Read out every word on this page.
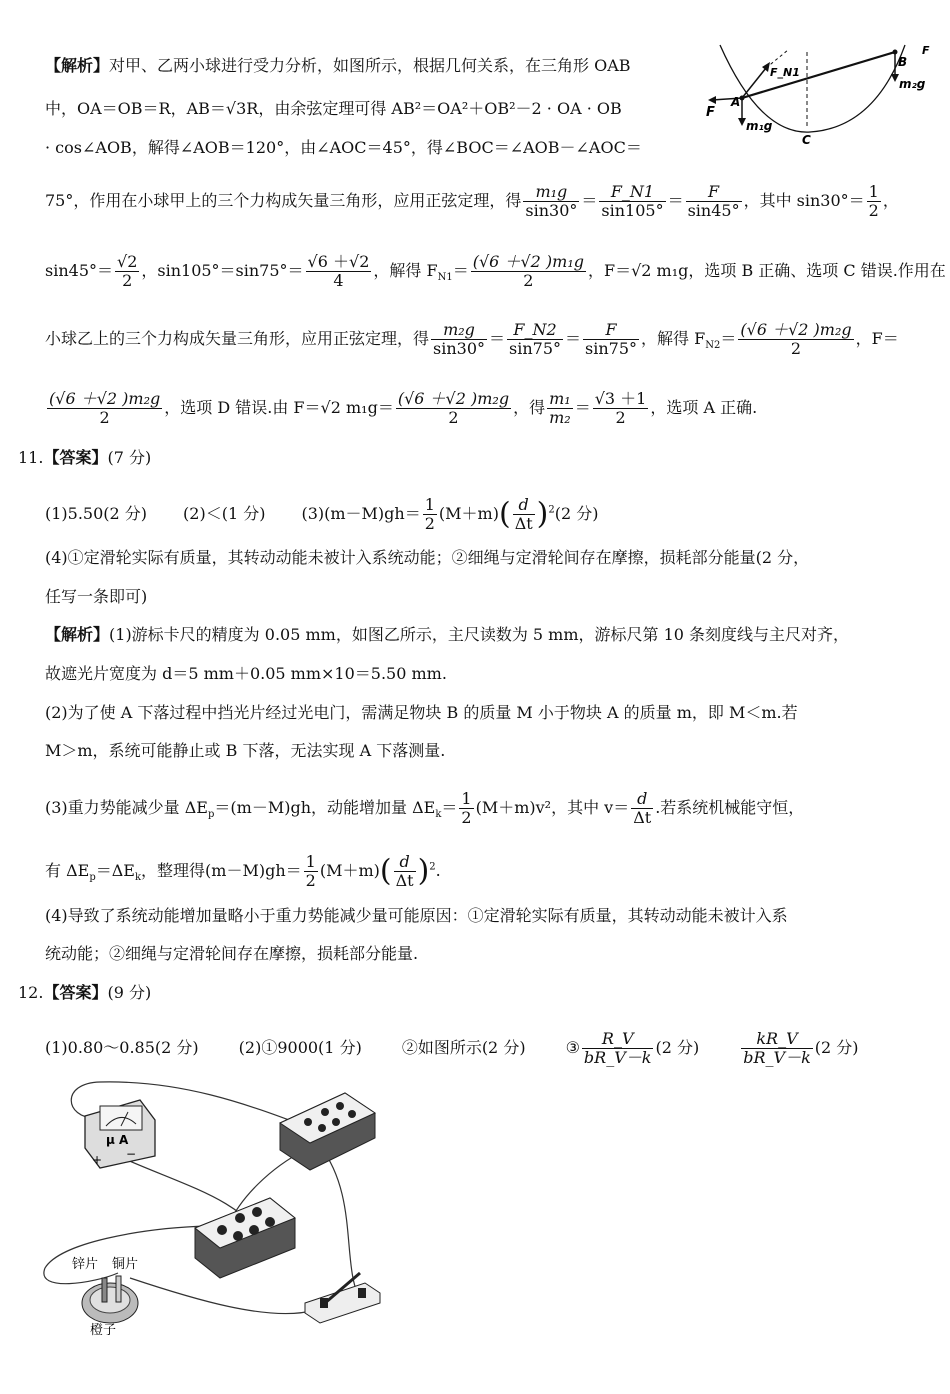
F
A
F_N1
m₁g
C
B
F
m₂g
【解析】对甲、乙两小球进行受力分析，如图所示，根据几何关系，在三角形 OAB
中，OA＝OB＝R，AB＝√3R，由余弦定理可得 AB²＝OA²＋OB²－2 · OA · OB
· cos∠AOB，解得∠AOB＝120°，由∠AOC＝45°，得∠BOC＝∠AOB－∠AOC＝
75°，作用在小球甲上的三个力构成矢量三角形，应用正弦定理，得 $\frac{\text{m₁g}}{\sin 30^\circ} = \frac{F\_N1}{\sin 105^\circ} = \frac{F}{\sin 45^\circ}$ ，其中 $\sin 30^\circ= \frac{1}{2}$ ，
$\sin 45^\circ= \frac{√2}{2}$ ，$\sin 105^\circ=\sin 75^\circ= \frac{√6 +√2}{4}$ ，解得 $F_{N1}= \frac{\text{(√6 ＋√2 )m₁g}}{2}$ ，F＝√2 m₁g，选项 B 正确、选项 C 错误.作用在
小球乙上的三个力构成矢量三角形，应用正弦定理，得 $\frac{\text{m₂g}}{\sin 30^\circ} = \frac{F\_N2}{\sin 75^\circ} = \frac{F}{\sin 75^\circ}$ ，解得 $F_{N2}= \frac{\text{(√6 ＋√2 )m₂g}}{2}$ ，F＝
$\frac{\text{(√6 ＋√2 )m₂g}}{2}$ ，选项 D 错误.由 F＝√2 $m_1g= \frac{\text{(√6 ＋√2 )m₂g}}{2}$ ，得 $\frac{\text{m₁}}{\text{m₂}} = \frac{√3 +1}{2}$ ，选项 A 正确.
11.【答案】(7 分)
(1)5.50(2 分) (2)＜(1 分) $(3)(m-M)gh= \frac{1}{2} (M+m)( \frac{d}{\Delta t} )^2(2$ 分)
(4)①定滑轮实际有质量，其转动动能未被计入系统动能；②细绳与定滑轮间存在摩擦，损耗部分能量(2 分，
任写一条即可)
【解析】(1)游标卡尺的精度为 0.05 mm，如图乙所示，主尺读数为 5 mm，游标尺第 10 条刻度线与主尺对齐，
故遮光片宽度为 d＝5 mm＋0.05 mm×10＝5.50 mm.
(2)为了使 A 下落过程中挡光片经过光电门，需满足物块 B 的质量 M 小于物块 A 的质量 m，即 M＜m.若
M＞m，系统可能静止或 B 下落，无法实现 A 下落测量.
(3)重力势能减少量 $\Delta E_p=(m-M)gh$，动能增加量 $\Delta E_k= \frac{1}{2} (M+m)v^2$，其中 $v= \frac{d}{\Delta t}$ .若系统机械能守恒，
有 $\Delta E_p=\Delta E_k$，整理得$(m-M)gh= \frac{1}{2} (M+m)( \frac{d}{\Delta t} )^2$.
(4)导致了系统动能增加量略小于重力势能减少量可能原因：①定滑轮实际有质量，其转动动能未被计入系
统动能；②细绳与定滑轮间存在摩擦，损耗部分能量.
12.【答案】(9 分)
(1)0.80～0.85(2 分)	(2)①9000(1 分)	②如图所示(2 分)	③ $\frac{R\_V}{bR\_V-k} (2$ 分)	$\frac{kR\_V}{bR\_V-k} (2$ 分)
μ A
+ −
锌片 铜片
橙子
